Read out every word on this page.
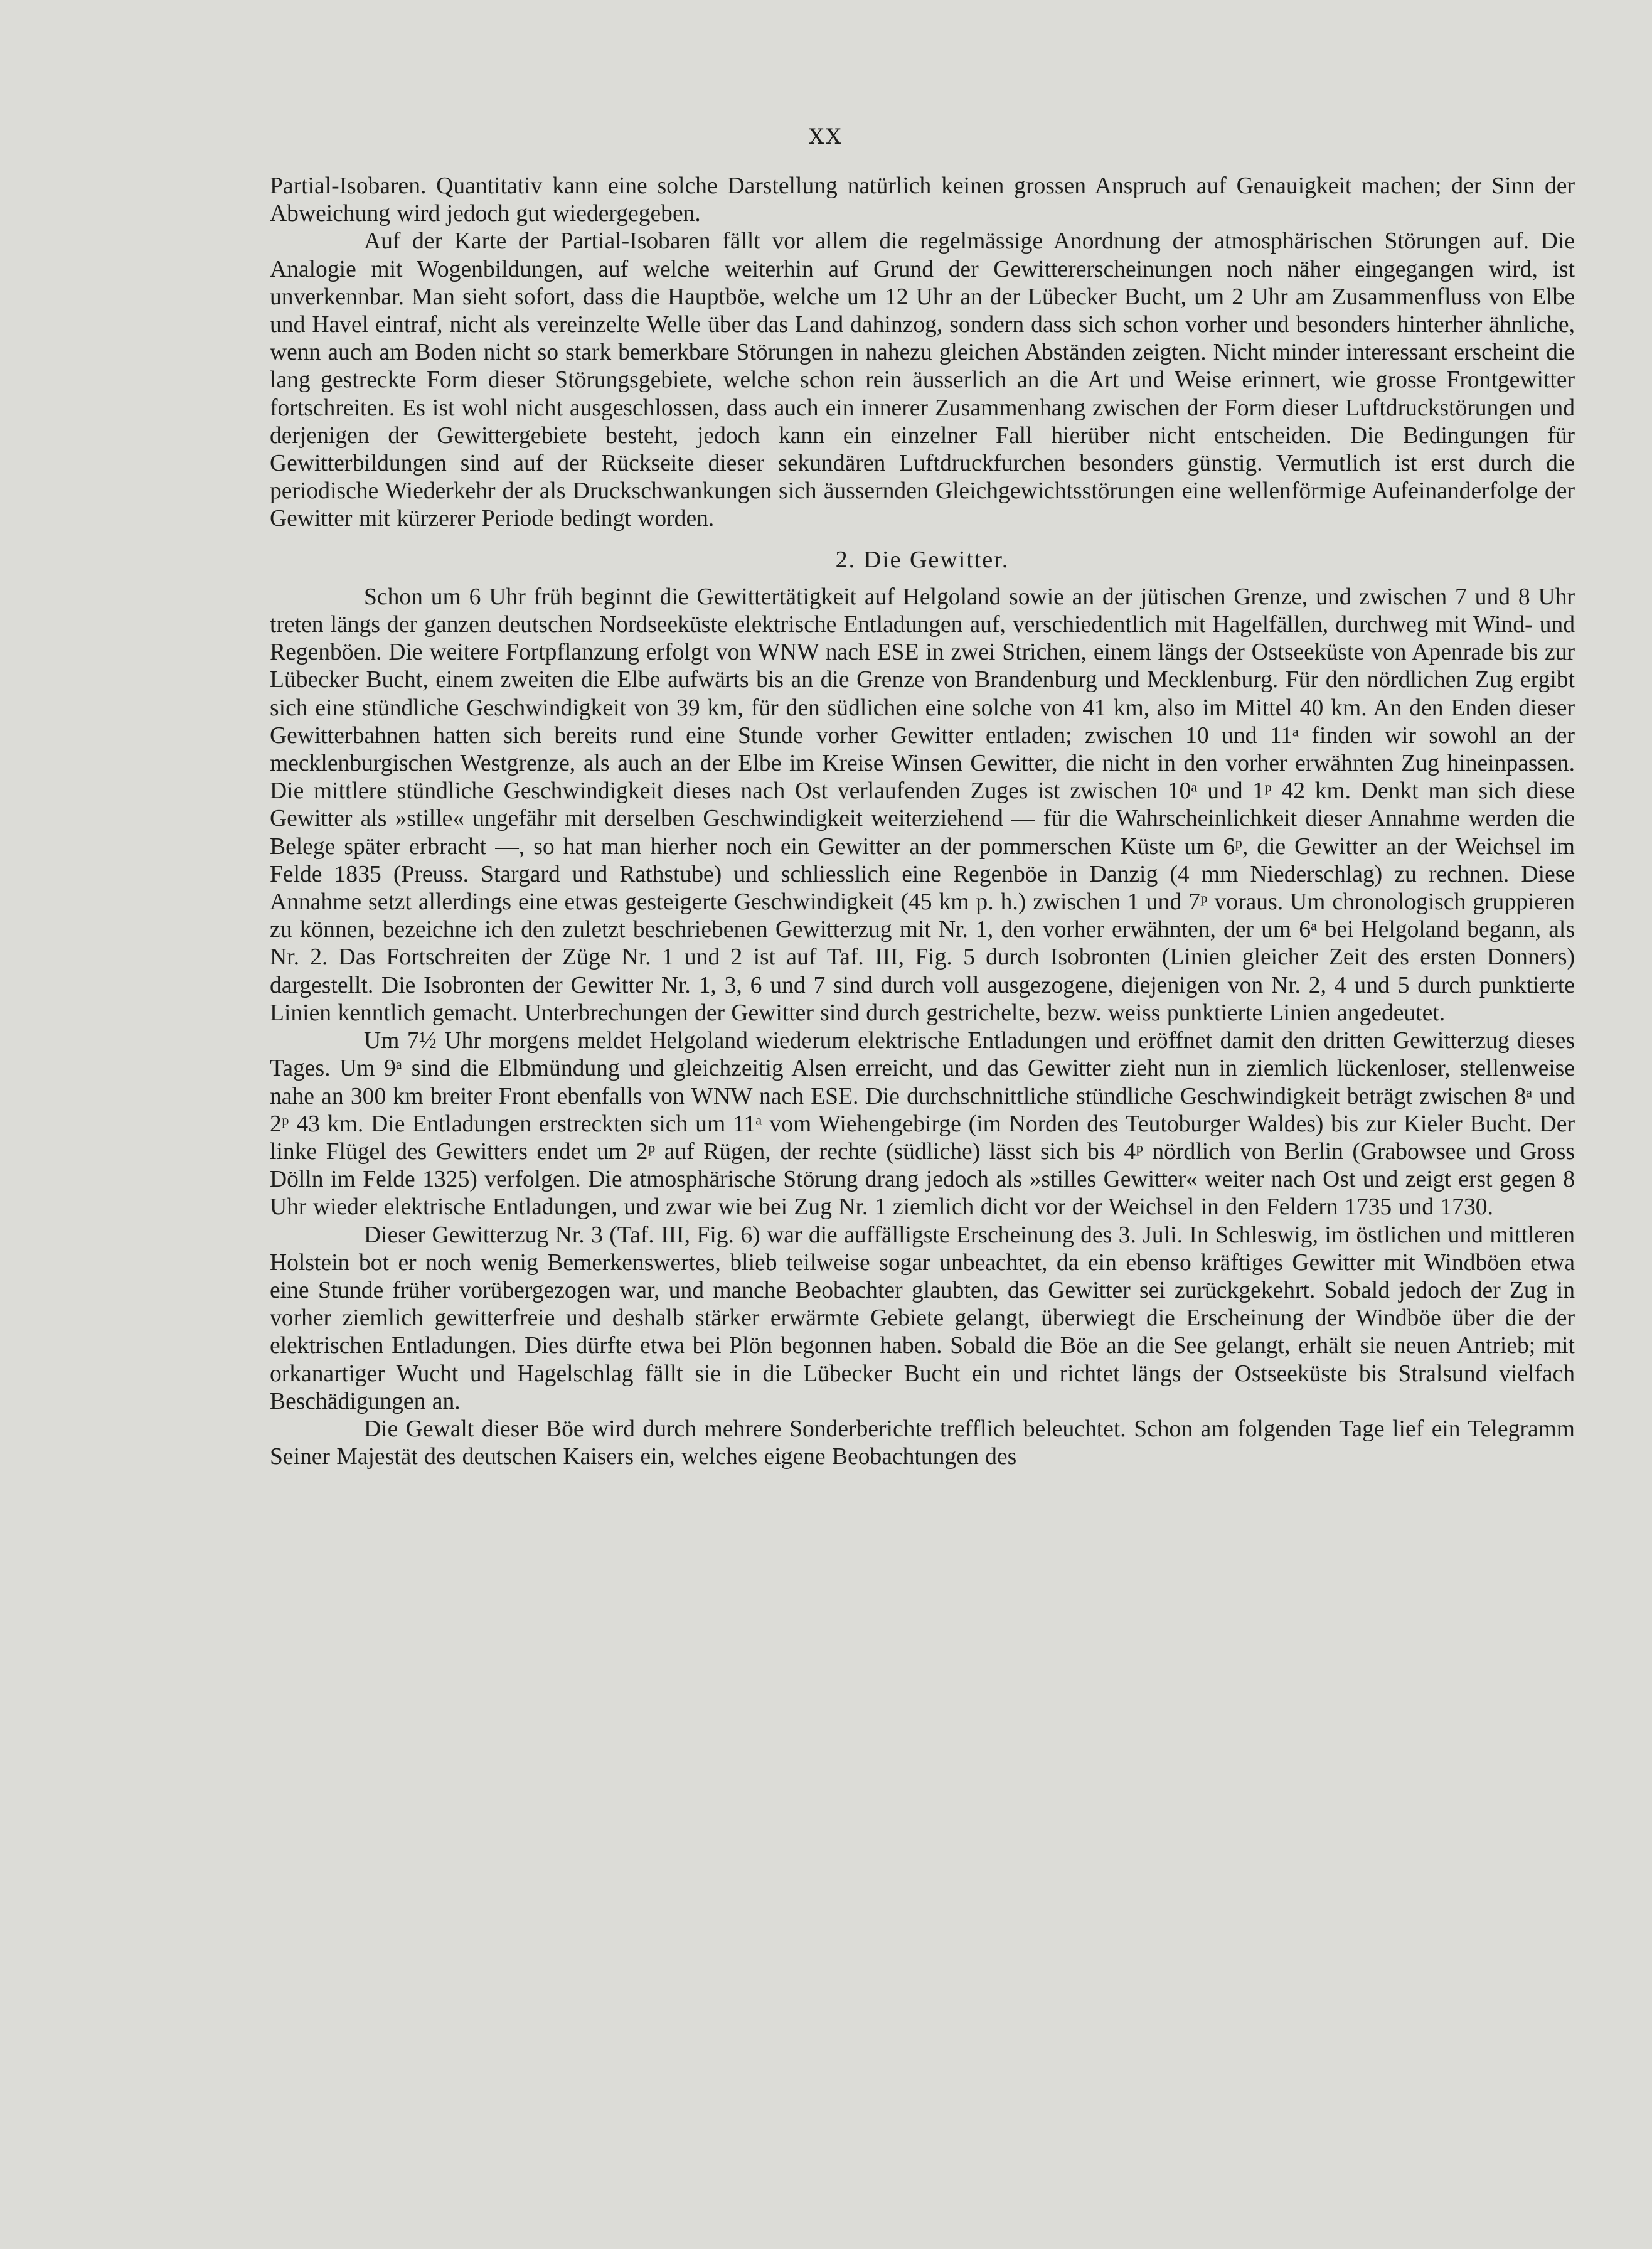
XX

Partial-Isobaren. Quantitativ kann eine solche Darstellung natürlich keinen grossen Anspruch auf Genauigkeit machen; der Sinn der Abweichung wird jedoch gut wiedergegeben.

Auf der Karte der Partial-Isobaren fällt vor allem die regelmässige Anordnung der atmosphärischen Störungen auf. Die Analogie mit Wogenbildungen, auf welche weiterhin auf Grund der Gewittererscheinungen noch näher eingegangen wird, ist unverkennbar. Man sieht sofort, dass die Hauptböe, welche um 12 Uhr an der Lübecker Bucht, um 2 Uhr am Zusammenfluss von Elbe und Havel eintraf, nicht als vereinzelte Welle über das Land dahinzog, sondern dass sich schon vorher und besonders hinterher ähnliche, wenn auch am Boden nicht so stark bemerkbare Störungen in nahezu gleichen Abständen zeigten. Nicht minder interessant erscheint die lang gestreckte Form dieser Störungsgebiete, welche schon rein äusserlich an die Art und Weise erinnert, wie grosse Frontgewitter fortschreiten. Es ist wohl nicht ausgeschlossen, dass auch ein innerer Zusammenhang zwischen der Form dieser Luftdruckstörungen und derjenigen der Gewittergebiete besteht, jedoch kann ein einzelner Fall hierüber nicht entscheiden. Die Bedingungen für Gewitterbildungen sind auf der Rückseite dieser sekundären Luftdruckfurchen besonders günstig. Vermutlich ist erst durch die periodische Wiederkehr der als Druckschwankungen sich äussernden Gleichgewichtsstörungen eine wellenförmige Aufeinanderfolge der Gewitter mit kürzerer Periode bedingt worden.

2. Die Gewitter.

Schon um 6 Uhr früh beginnt die Gewittertätigkeit auf Helgoland sowie an der jütischen Grenze, und zwischen 7 und 8 Uhr treten längs der ganzen deutschen Nordseeküste elektrische Entladungen auf, verschiedentlich mit Hagelfällen, durchweg mit Wind- und Regenböen. Die weitere Fortpflanzung erfolgt von WNW nach ESE in zwei Strichen, einem längs der Ostseeküste von Apenrade bis zur Lübecker Bucht, einem zweiten die Elbe aufwärts bis an die Grenze von Brandenburg und Mecklenburg. Für den nördlichen Zug ergibt sich eine stündliche Geschwindigkeit von 39 km, für den südlichen eine solche von 41 km, also im Mittel 40 km. An den Enden dieser Gewitterbahnen hatten sich bereits rund eine Stunde vorher Gewitter entladen; zwischen 10 und 11ᵃ finden wir sowohl an der mecklenburgischen Westgrenze, als auch an der Elbe im Kreise Winsen Gewitter, die nicht in den vorher erwähnten Zug hineinpassen. Die mittlere stündliche Geschwindigkeit dieses nach Ost verlaufenden Zuges ist zwischen 10ᵃ und 1ᵖ 42 km. Denkt man sich diese Gewitter als »stille« ungefähr mit derselben Geschwindigkeit weiterziehend — für die Wahrscheinlichkeit dieser Annahme werden die Belege später erbracht —, so hat man hierher noch ein Gewitter an der pommerschen Küste um 6ᵖ, die Gewitter an der Weichsel im Felde 1835 (Preuss. Stargard und Rathstube) und schliesslich eine Regenböe in Danzig (4 mm Niederschlag) zu rechnen. Diese Annahme setzt allerdings eine etwas gesteigerte Geschwindigkeit (45 km p. h.) zwischen 1 und 7ᵖ voraus. Um chronologisch gruppieren zu können, bezeichne ich den zuletzt beschriebenen Gewitterzug mit Nr. 1, den vorher erwähnten, der um 6ᵃ bei Helgoland begann, als Nr. 2. Das Fortschreiten der Züge Nr. 1 und 2 ist auf Taf. III, Fig. 5 durch Isobronten (Linien gleicher Zeit des ersten Donners) dargestellt. Die Isobronten der Gewitter Nr. 1, 3, 6 und 7 sind durch voll ausgezogene, diejenigen von Nr. 2, 4 und 5 durch punktierte Linien kenntlich gemacht. Unterbrechungen der Gewitter sind durch gestrichelte, bezw. weiss punktierte Linien angedeutet.

Um 7½ Uhr morgens meldet Helgoland wiederum elektrische Entladungen und eröffnet damit den dritten Gewitterzug dieses Tages. Um 9ᵃ sind die Elbmündung und gleichzeitig Alsen erreicht, und das Gewitter zieht nun in ziemlich lückenloser, stellenweise nahe an 300 km breiter Front ebenfalls von WNW nach ESE. Die durchschnittliche stündliche Geschwindigkeit beträgt zwischen 8ᵃ und 2ᵖ 43 km. Die Entladungen erstreckten sich um 11ᵃ vom Wiehengebirge (im Norden des Teutoburger Waldes) bis zur Kieler Bucht. Der linke Flügel des Gewitters endet um 2ᵖ auf Rügen, der rechte (südliche) lässt sich bis 4ᵖ nördlich von Berlin (Grabowsee und Gross Dölln im Felde 1325) verfolgen. Die atmosphärische Störung drang jedoch als »stilles Gewitter« weiter nach Ost und zeigt erst gegen 8 Uhr wieder elektrische Entladungen, und zwar wie bei Zug Nr. 1 ziemlich dicht vor der Weichsel in den Feldern 1735 und 1730.

Dieser Gewitterzug Nr. 3 (Taf. III, Fig. 6) war die auffälligste Erscheinung des 3. Juli. In Schleswig, im östlichen und mittleren Holstein bot er noch wenig Bemerkenswertes, blieb teilweise sogar unbeachtet, da ein ebenso kräftiges Gewitter mit Windböen etwa eine Stunde früher vorübergezogen war, und manche Beobachter glaubten, das Gewitter sei zurückgekehrt. Sobald jedoch der Zug in vorher ziemlich gewitterfreie und deshalb stärker erwärmte Gebiete gelangt, überwiegt die Erscheinung der Windböe über die der elektrischen Entladungen. Dies dürfte etwa bei Plön begonnen haben. Sobald die Böe an die See gelangt, erhält sie neuen Antrieb; mit orkanartiger Wucht und Hagelschlag fällt sie in die Lübecker Bucht ein und richtet längs der Ostseeküste bis Stralsund vielfach Beschädigungen an.

Die Gewalt dieser Böe wird durch mehrere Sonderberichte trefflich beleuchtet. Schon am folgenden Tage lief ein Telegramm Seiner Majestät des deutschen Kaisers ein, welches eigene Beobachtungen des
